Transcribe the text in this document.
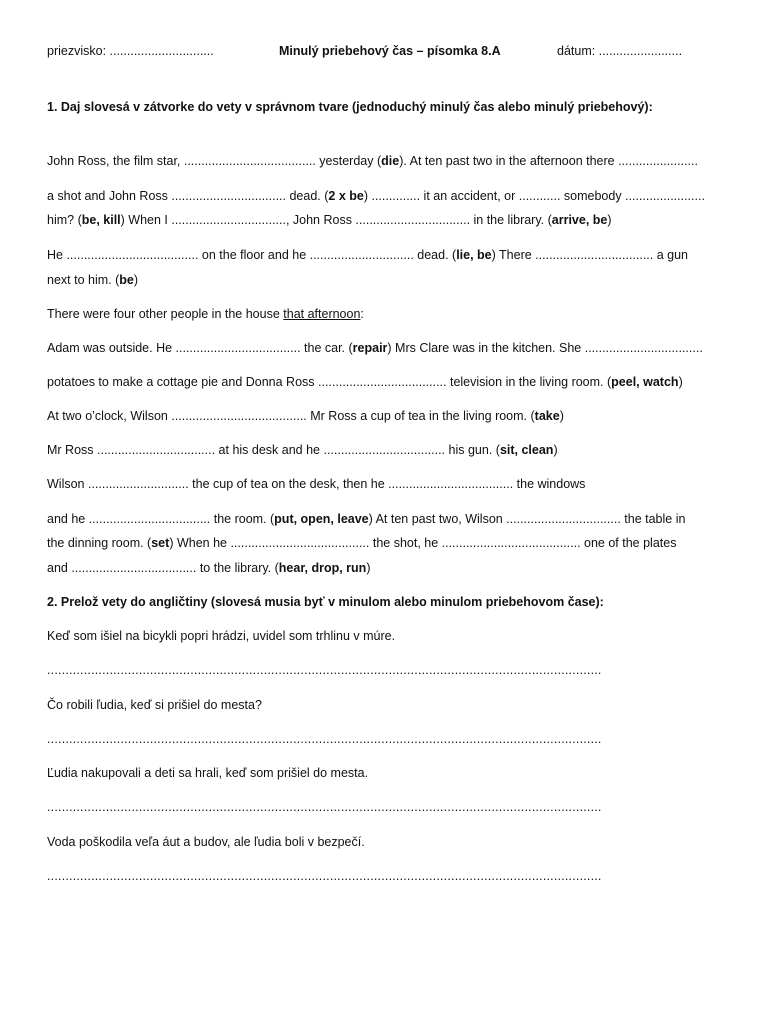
priezvisko: ..............................	Minulý priebehový čas – písomka 8.A	dátum: ........................
1. Daj slovesá v zátvorke do vety v správnom tvare (jednoduchý minulý čas alebo minulý priebehový):
John Ross, the film star, ...................................... yesterday (die). At ten past two in the afternoon there .......................
a shot and John Ross ................................. dead. (2 x be) .............. it an accident, or ............ somebody .......................
him? (be, kill) When I ................................., John Ross ................................. in the library. (arrive, be)
He ...................................... on the floor and he .............................. dead. (lie, be) There .................................. a gun
next to him. (be)
There were four other people in the house that afternoon:
Adam was outside. He .................................... the car. (repair) Mrs Clare was in the kitchen. She ..................................
potatoes to make a cottage pie and Donna Ross ..................................... television in the living room. (peel, watch)
At two o’clock, Wilson ....................................... Mr Ross a cup of tea in the living room. (take)
Mr Ross .................................. at his desk and he ................................... his gun. (sit, clean)
Wilson ............................. the cup of tea on the desk, then he .................................... the windows
and he ................................... the room. (put, open, leave) At ten past two, Wilson ................................. the table in
the dinning room. (set) When he ........................................ the shot, he ........................................ one of the plates
and .................................... to the library. (hear, drop, run)
2. Prelož vety do angličtiny (slovesá musia byť v minulom alebo minulom priebehovom čase):
Keď som išiel na bicykli popri hrádzi, uvidel som trhlinu v múre.
.......................................................................................................................................................
Čo robili ľudia, keď si prišiel do mesta?
.......................................................................................................................................................
Ľudia nakupovali a deti sa hrali, keď som prišiel do mesta.
.......................................................................................................................................................
Voda poškodila veľa áut a budov, ale ľudia boli v bezpečí.
.......................................................................................................................................................
